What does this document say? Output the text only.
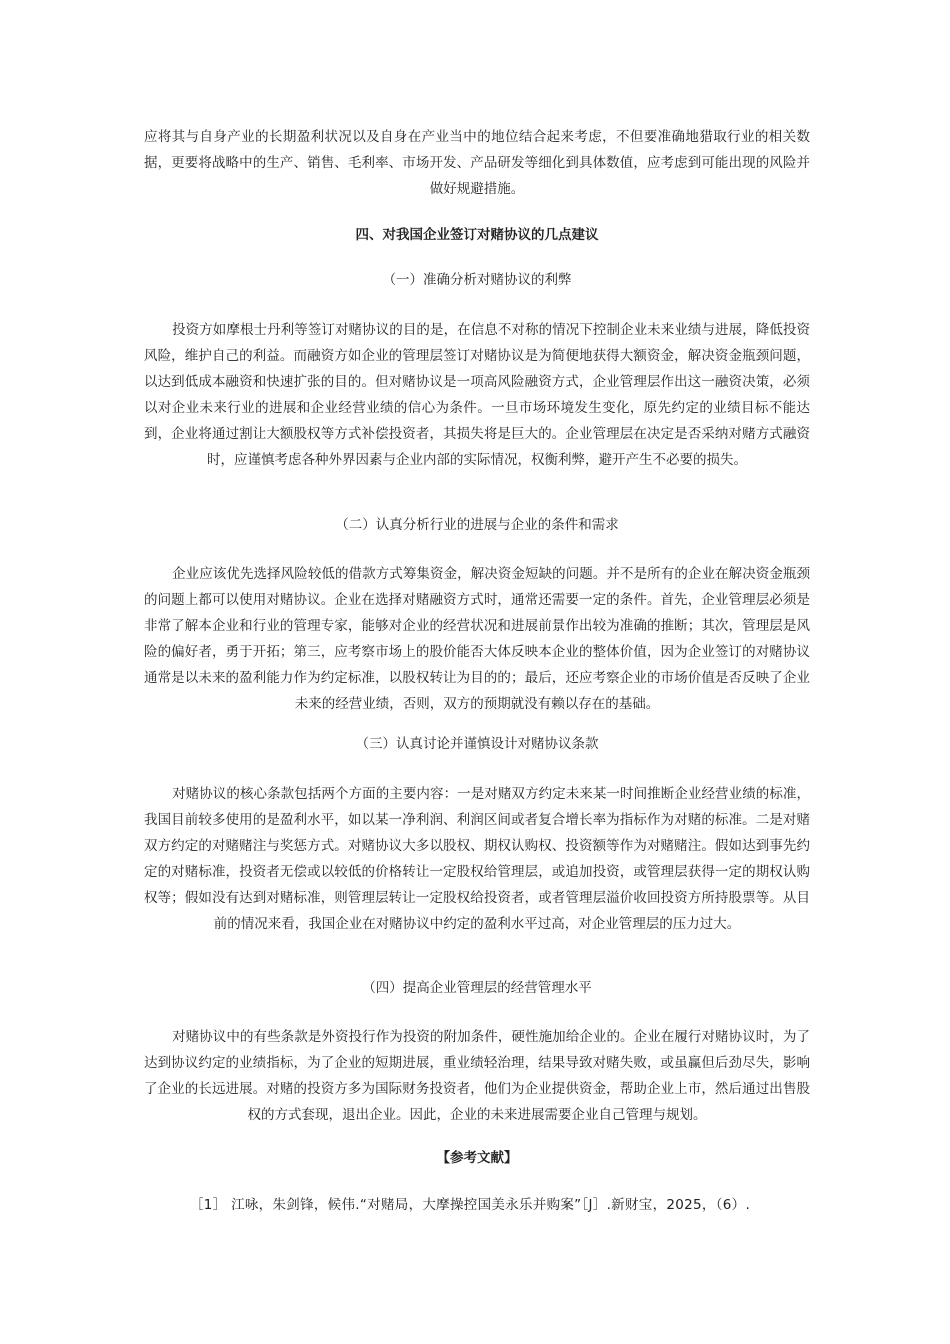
应将其与自身产业的长期盈利状况以及自身在产业当中的地位结合起来考虑，不但要准确地猎取行业的相关数据，更要将战略中的生产、销售、毛利率、市场开发、产品研发等细化到具体数值，应考虑到可能出现的风险并做好规避措施。
四、对我国企业签订对赌协议的几点建议
（一）准确分析对赌协议的利弊
投资方如摩根士丹利等签订对赌协议的目的是，在信息不对称的情况下控制企业未来业绩与进展，降低投资风险，维护自己的利益。而融资方如企业的管理层签订对赌协议是为简便地获得大额资金，解决资金瓶颈问题，以达到低成本融资和快速扩张的目的。但对赌协议是一项高风险融资方式，企业管理层作出这一融资决策，必须以对企业未来行业的进展和企业经营业绩的信心为条件。一旦市场环境发生变化，原先约定的业绩目标不能达到，企业将通过割让大额股权等方式补偿投资者，其损失将是巨大的。企业管理层在决定是否采纳对赌方式融资时，应谨慎考虑各种外界因素与企业内部的实际情况，权衡利弊，避开产生不必要的损失。
（二）认真分析行业的进展与企业的条件和需求
企业应该优先选择风险较低的借款方式筹集资金，解决资金短缺的问题。并不是所有的企业在解决资金瓶颈的问题上都可以使用对赌协议。企业在选择对赌融资方式时，通常还需要一定的条件。首先，企业管理层必须是非常了解本企业和行业的管理专家，能够对企业的经营状况和进展前景作出较为准确的推断；其次，管理层是风险的偏好者，勇于开拓；第三，应考察市场上的股价能否大体反映本企业的整体价值，因为企业签订的对赌协议通常是以未来的盈利能力作为约定标准，以股权转让为目的的；最后，还应考察企业的市场价值是否反映了企业未来的经营业绩，否则，双方的预期就没有赖以存在的基础。
（三）认真讨论并谨慎设计对赌协议条款
对赌协议的核心条款包括两个方面的主要内容：一是对赌双方约定未来某一时间推断企业经营业绩的标准，我国目前较多使用的是盈利水平，如以某一净利润、利润区间或者复合增长率为指标作为对赌的标准。二是对赌双方约定的对赌赌注与奖惩方式。对赌协议大多以股权、期权认购权、投资额等作为对赌赌注。假如达到事先约定的对赌标准，投资者无偿或以较低的价格转让一定股权给管理层，或追加投资，或管理层获得一定的期权认购权等；假如没有达到对赌标准，则管理层转让一定股权给投资者，或者管理层溢价收回投资方所持股票等。从目前的情况来看，我国企业在对赌协议中约定的盈利水平过高，对企业管理层的压力过大。
（四）提高企业管理层的经营管理水平
对赌协议中的有些条款是外资投行作为投资的附加条件，硬性施加给企业的。企业在履行对赌协议时，为了达到协议约定的业绩指标，为了企业的短期进展，重业绩轻治理，结果导致对赌失败，或虽赢但后劲尽失，影响了企业的长远进展。对赌的投资方多为国际财务投资者，他们为企业提供资金，帮助企业上市，然后通过出售股权的方式套现，退出企业。因此，企业的未来进展需要企业自己管理与规划。
【参考文献】
［1］ 江咏，朱剑锋，候伟.“对赌局，大摩操控国美永乐并购案”［J］.新财宝，2025，（6）.
